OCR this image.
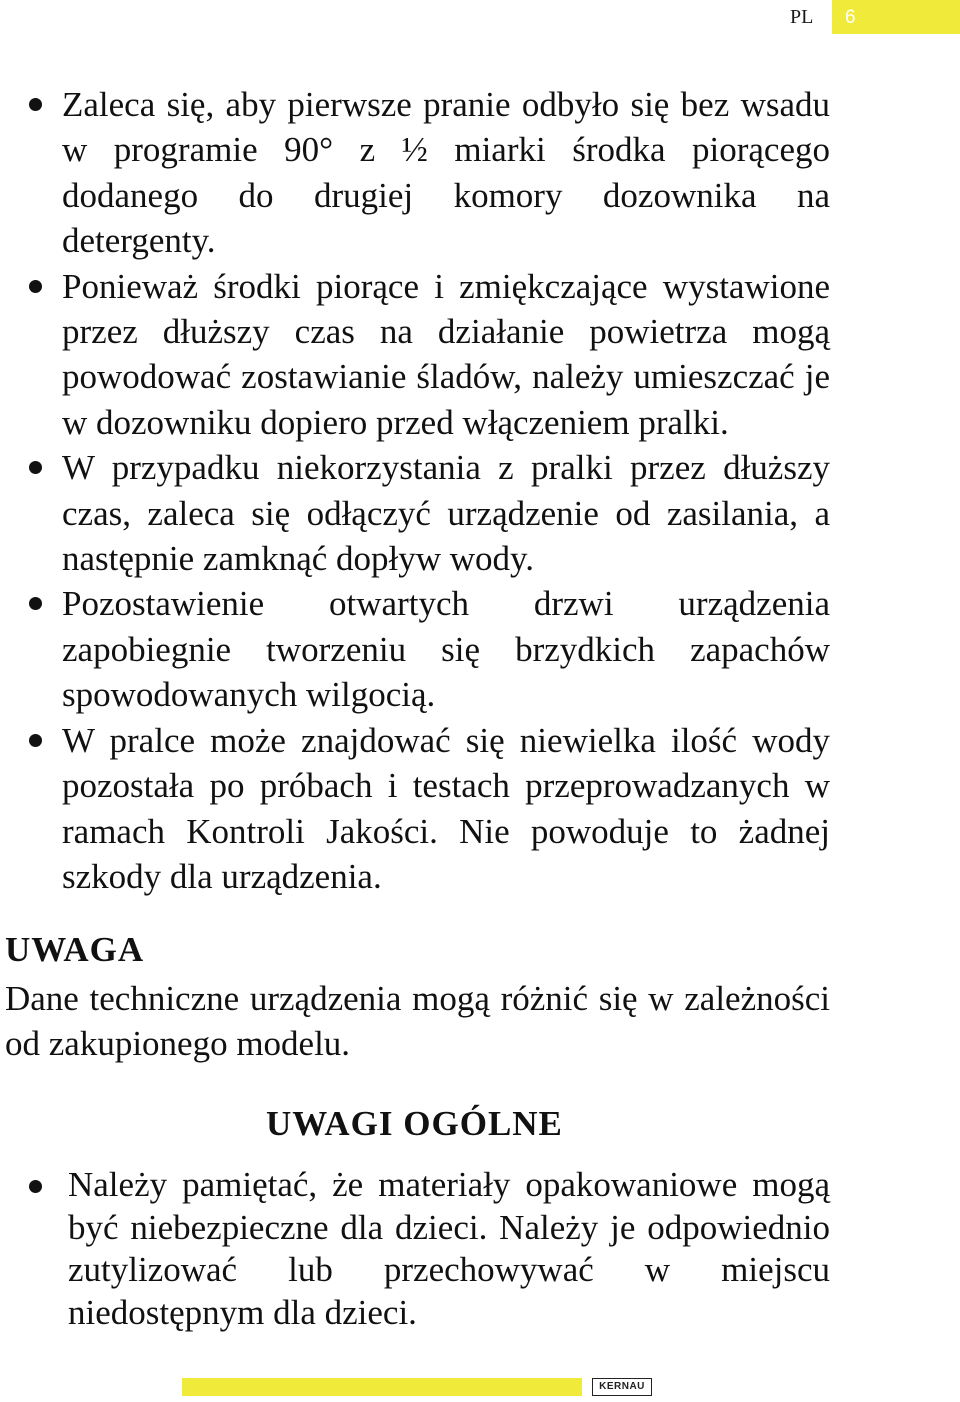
PL 6
Zaleca się, aby pierwsze pranie odbyło się bez wsadu w programie 90° z ½ miarki środka piorącego dodanego do drugiej komory dozownika na detergenty.
Ponieważ środki piorące i zmiękczające wystawione przez dłuższy czas na działanie powietrza mogą powodować zostawianie śladów, należy umieszczać je w dozowniku dopiero przed włączeniem pralki.
W przypadku niekorzystania z pralki przez dłuższy czas, zaleca się odłączyć urządzenie od zasilania, a następnie zamknąć dopływ wody.
Pozostawienie otwartych drzwi urządzenia zapobiegnie tworzeniu się brzydkich zapachów spowodowanych wilgocią.
W pralce może znajdować się niewielka ilość wody pozostała po próbach i testach przeprowadzanych w ramach Kontroli Jakości. Nie powoduje to żadnej szkody dla urządzenia.
UWAGA

Dane techniczne urządzenia mogą różnić się w zależności od zakupionego modelu.

UWAGI OGÓLNE
Należy pamiętać, że materiały opakowaniowe mogą być niebezpieczne dla dzieci. Należy je odpowiednio zutylizować lub przechowywać w miejscu niedostępnym dla dzieci.
KERNAU
